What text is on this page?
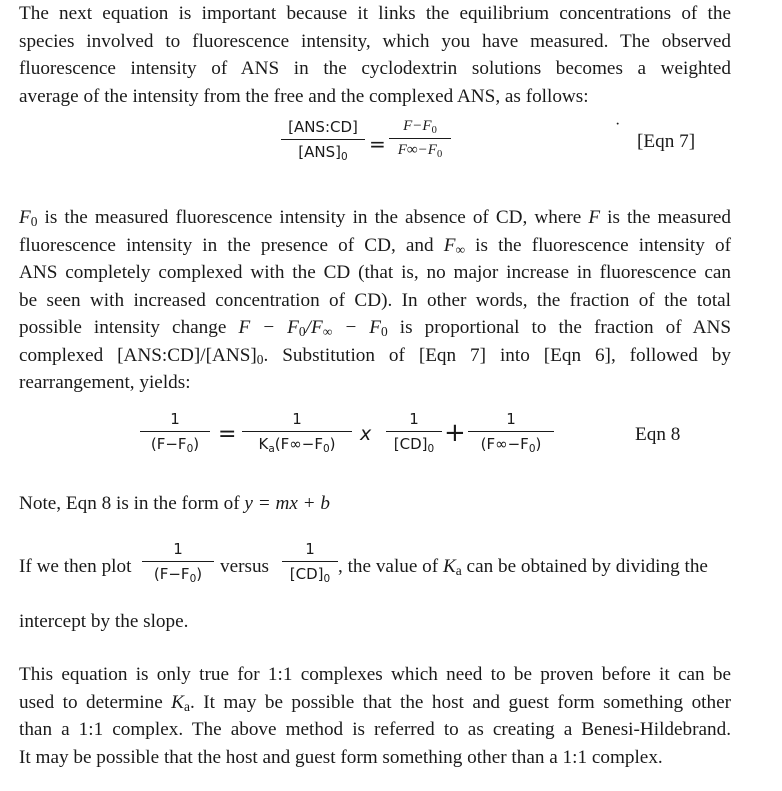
The next equation is important because it links the equilibrium concentrations of the
species involved to fluorescence intensity, which you have measured. The observed
fluorescence intensity of ANS in the cyclodextrin solutions becomes a weighted
average of the intensity from the free and the complexed ANS, as follows:
[ANS:CD]
$[ANS]_0$
=
$F-F_0$
$F\infty-F_0$
·
[Eqn 7]
$F_0$ is the measured fluorescence intensity in the absence of CD, where F is the measured
fluorescence intensity in the presence of CD, and $F_\infty$ is the fluorescence intensity of
ANS completely complexed with the CD (that is, no major increase in fluorescence can
be seen with increased concentration of CD). In other words, the fraction of the total
possible intensity change $F - F_0/F_\infty - F_0$ is proportional to the fraction of ANS
complexed $[ANS:CD]/[ANS]_0$. Substitution of [Eqn 7] into [Eqn 6], followed by
rearrangement, yields:
1
$(F-F_0)$ =
1
$K_a(F\infty-F_0)$	x
1
$[CD]_0$
+	1
$(F\infty-F_0)$	Eqn 8
Note, Eqn 8 is in the form of y = mx + b
If we then plot
1
$(F-F_0)$ versus
1
$[CD]_0$
, the value of $K_a$ can be obtained by dividing the
intercept by the slope.
This equation is only true for 1:1 complexes which need to be proven before it can be
used to determine $K_a$. It may be possible that the host and guest form something other
than a 1:1 complex. The above method is referred to as creating a Benesi-Hildebrand.
It may be possible that the host and guest form something other than a 1:1 complex.
